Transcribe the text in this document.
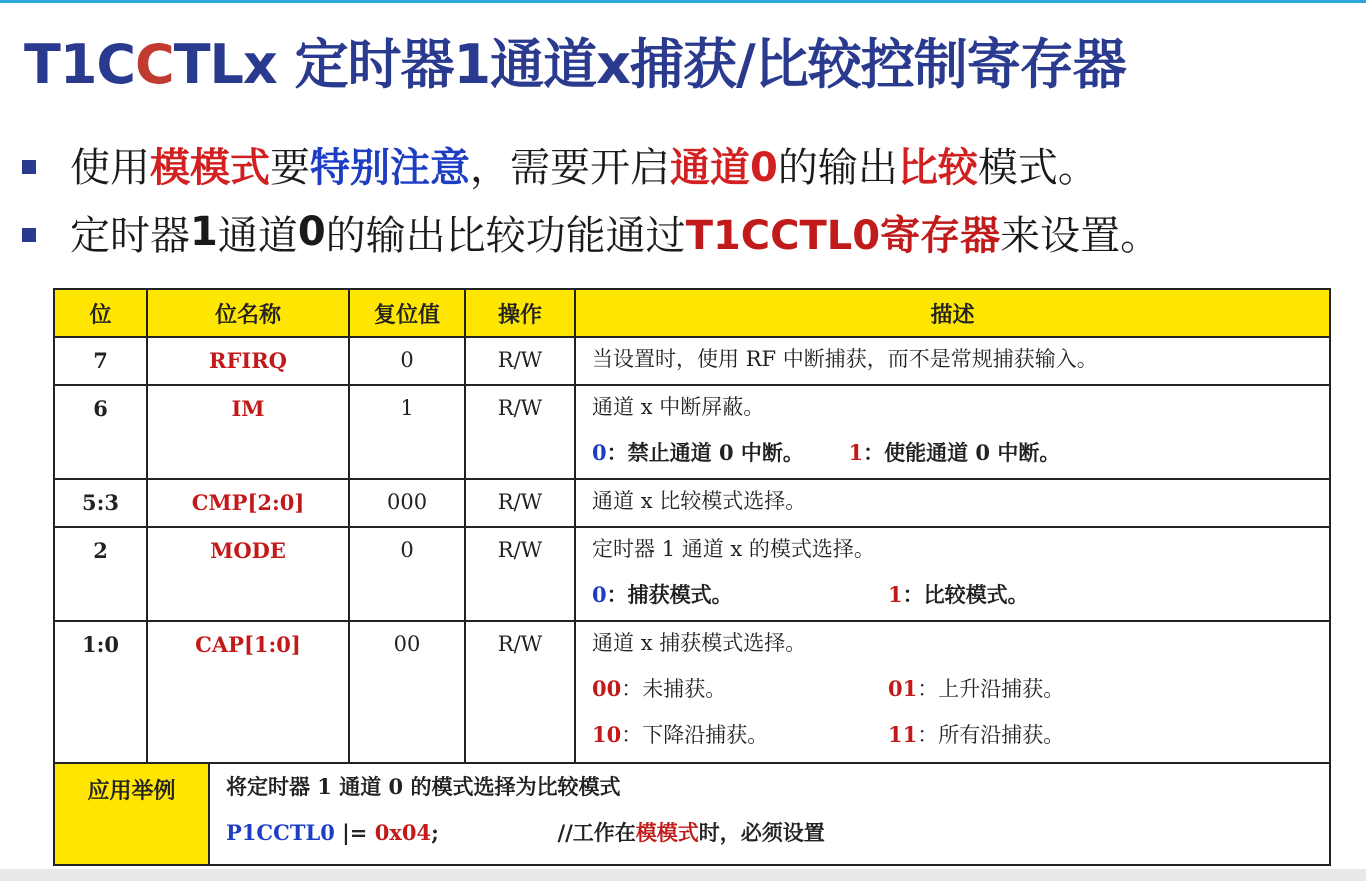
T1CCTLx 定时器1通道x捕获/比较控制寄存器
使用 模模式 要 特别注意 ，需要开启 通道0 的输出 比较 模式。
定时器 1 通道 0 的输出比较功能通过 T1CCTL0寄存器 来设置。
位	位名称		复位值	操作	描述
7	RFIRQ		0	R/W	当设置时，使用 RF 中断捕获，而不是常规捕获输入。

6	IM		1	R/W	通道 x 中断屏蔽。
0：禁止通道 0 中断。 1：使能通道 0 中断。

5:3	CMP[2:0]		000	R/W	通道 x 比较模式选择。

2	MODE		0	R/W	定时器 1 通道 x 的模式选择。
0：捕获模式。 1：比较模式。

1:0	CAP[1:0]		00	R/W	通道 x 捕获模式选择。
00：未捕获。 01：上升沿捕获。
10：下降沿捕获。 11：所有沿捕获。

应用举例		将定时器 1 通道 0 的模式选择为比较模式
P1CCTL0 |= 0x04; //工作在模模式时，必须设置			
